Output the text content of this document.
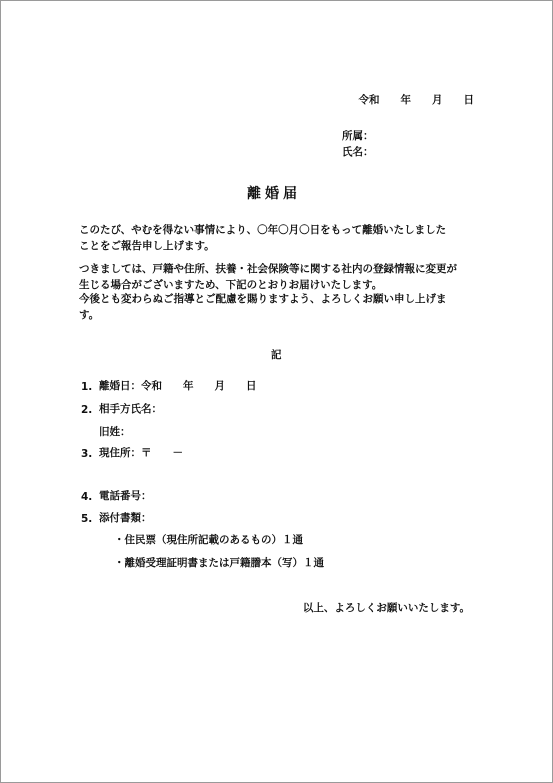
令和　　年　　月　　日
所属：
氏名：
離婚届
このたび、やむを得ない事情により、〇年〇月〇日をもって離婚いたしました
ことをご報告申し上げます。
つきましては、戸籍や住所、扶養・社会保険等に関する社内の登録情報に変更が
生じる場合がございますため、下記のとおりお届けいたします。
今後とも変わらぬご指導とご配慮を賜りますよう、よろしくお願い申し上げま
す。
記
1. 離婚日：令和　　年　　月　　日
2. 相手方氏名：
旧姓：
3. 現住所：〒　　－
4. 電話番号：
5. 添付書類：
・住民票（現住所記載のあるもの）１通
・離婚受理証明書または戸籍謄本（写）１通
以上、よろしくお願いいたします。
